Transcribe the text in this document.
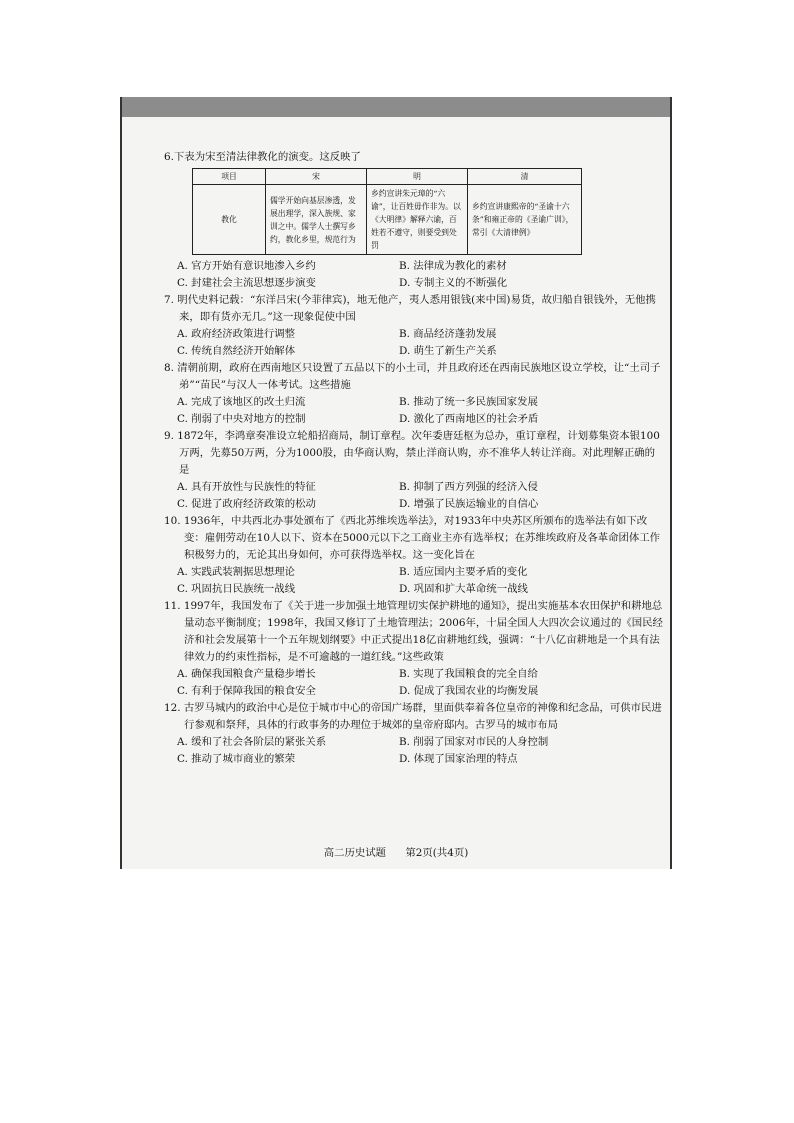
6.下表为宋至清法律教化的演变。这反映了
项目	宋	明	清
教化	儒学开始向基层渗透，发展出理学，深入族规、家训之中。儒学人士撰写乡约，教化乡里，规范行为	乡约宣讲朱元璋的“六谕”，让百姓毋作非为。以《大明律》解释六谕，百姓若不遵守，则要受到处罚	乡约宣讲康熙帝的“圣谕十六条”和雍正帝的《圣谕广训》，常引《大清律例》
A. 官方开始有意识地渗入乡约	B. 法律成为教化的素材
C. 封建社会主流思想逐步演变	D. 专制主义的不断强化
7. 明代史料记载：“东洋吕宋(今菲律宾)，地无他产，夷人悉用银钱(来中国)易货，故归船自银钱外，无他携来，即有货亦无几。”这一现象促使中国
A. 政府经济政策进行调整	B. 商品经济蓬勃发展
C. 传统自然经济开始解体	D. 萌生了新生产关系
8. 清朝前期，政府在西南地区只设置了五品以下的小土司，并且政府还在西南民族地区设立学校，让“土司子弟”“苗民”与汉人一体考试。这些措施
A. 完成了该地区的改土归流	B. 推动了统一多民族国家发展
C. 削弱了中央对地方的控制	D. 激化了西南地区的社会矛盾
9. 1872年，李鸿章奏准设立轮船招商局，制订章程。次年委唐廷枢为总办，重订章程，计划募集资本银100万两，先募50万两，分为1000股，由华商认购，禁止洋商认购，亦不准华人转让洋商。对此理解正确的是
A. 具有开放性与民族性的特征	B. 抑制了西方列强的经济入侵
C. 促进了政府经济政策的松动	D. 增强了民族运输业的自信心
10. 1936年，中共西北办事处颁布了《西北苏维埃选举法》，对1933年中央苏区所颁布的选举法有如下改变：雇佣劳动在10人以下、资本在5000元以下之工商业主亦有选举权；在苏维埃政府及各革命团体工作积极努力的，无论其出身如何，亦可获得选举权。这一变化旨在
A. 实践武装割据思想理论	B. 适应国内主要矛盾的变化
C. 巩固抗日民族统一战线	D. 巩固和扩大革命统一战线
11. 1997年，我国发布了《关于进一步加强土地管理切实保护耕地的通知》，提出实施基本农田保护和耕地总量动态平衡制度；1998年，我国又修订了土地管理法；2006年，十届全国人大四次会议通过的《国民经济和社会发展第十一个五年规划纲要》中正式提出18亿亩耕地红线，强调：“十八亿亩耕地是一个具有法律效力的约束性指标，是不可逾越的一道红线。”这些政策
A. 确保我国粮食产量稳步增长	B. 实现了我国粮食的完全自给
C. 有利于保障我国的粮食安全	D. 促成了我国农业的均衡发展
12. 古罗马城内的政治中心是位于城市中心的帝国广场群，里面供奉着各位皇帝的神像和纪念品，可供市民进行参观和祭拜，具体的行政事务的办理位于城郊的皇帝府邸内。古罗马的城市布局
A. 缓和了社会各阶层的紧张关系	B. 削弱了国家对市民的人身控制
C. 推动了城市商业的繁荣	D. 体现了国家治理的特点
高二历史试题 第2页(共4页)
